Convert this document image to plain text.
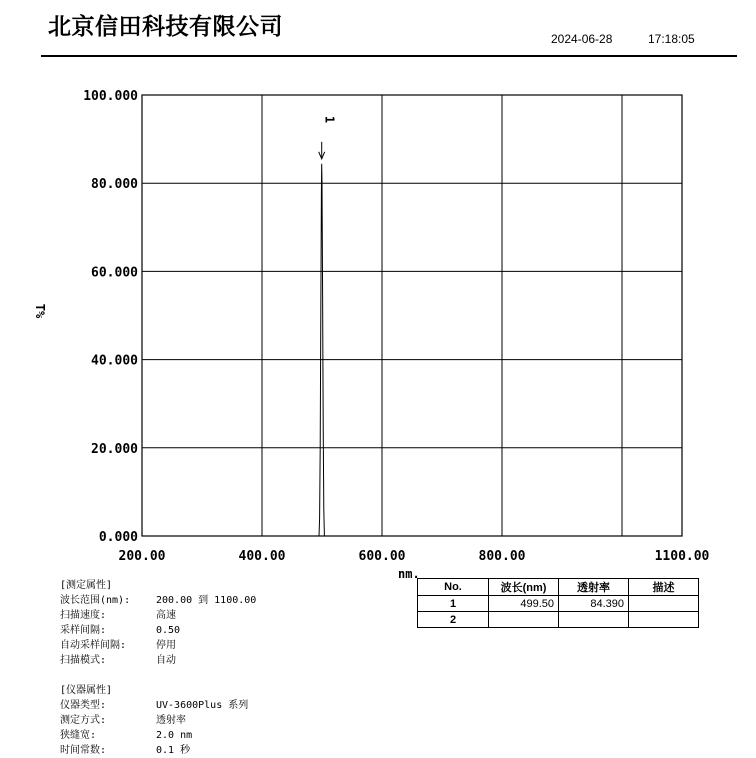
北京信田科技有限公司	2024-06-28	17:18:05
0.000
20.000
40.000
60.000
80.000
100.000
200.00	400.00	600.00	800.00	1100.00
1
T%
nm.
No.	波长(nm)	透射率	描述
1	499.50	84.390	
2			
[测定属性]
波长范围(nm):	200.00 到 1100.00
扫描速度:	高速
采样间隔:	0.50
自动采样间隔:	停用
扫描模式:	自动
[仪器属性]
仪器类型:	UV-3600Plus 系列
测定方式:	透射率
狭缝宽:	2.0 nm
时间常数:	0.1 秒
